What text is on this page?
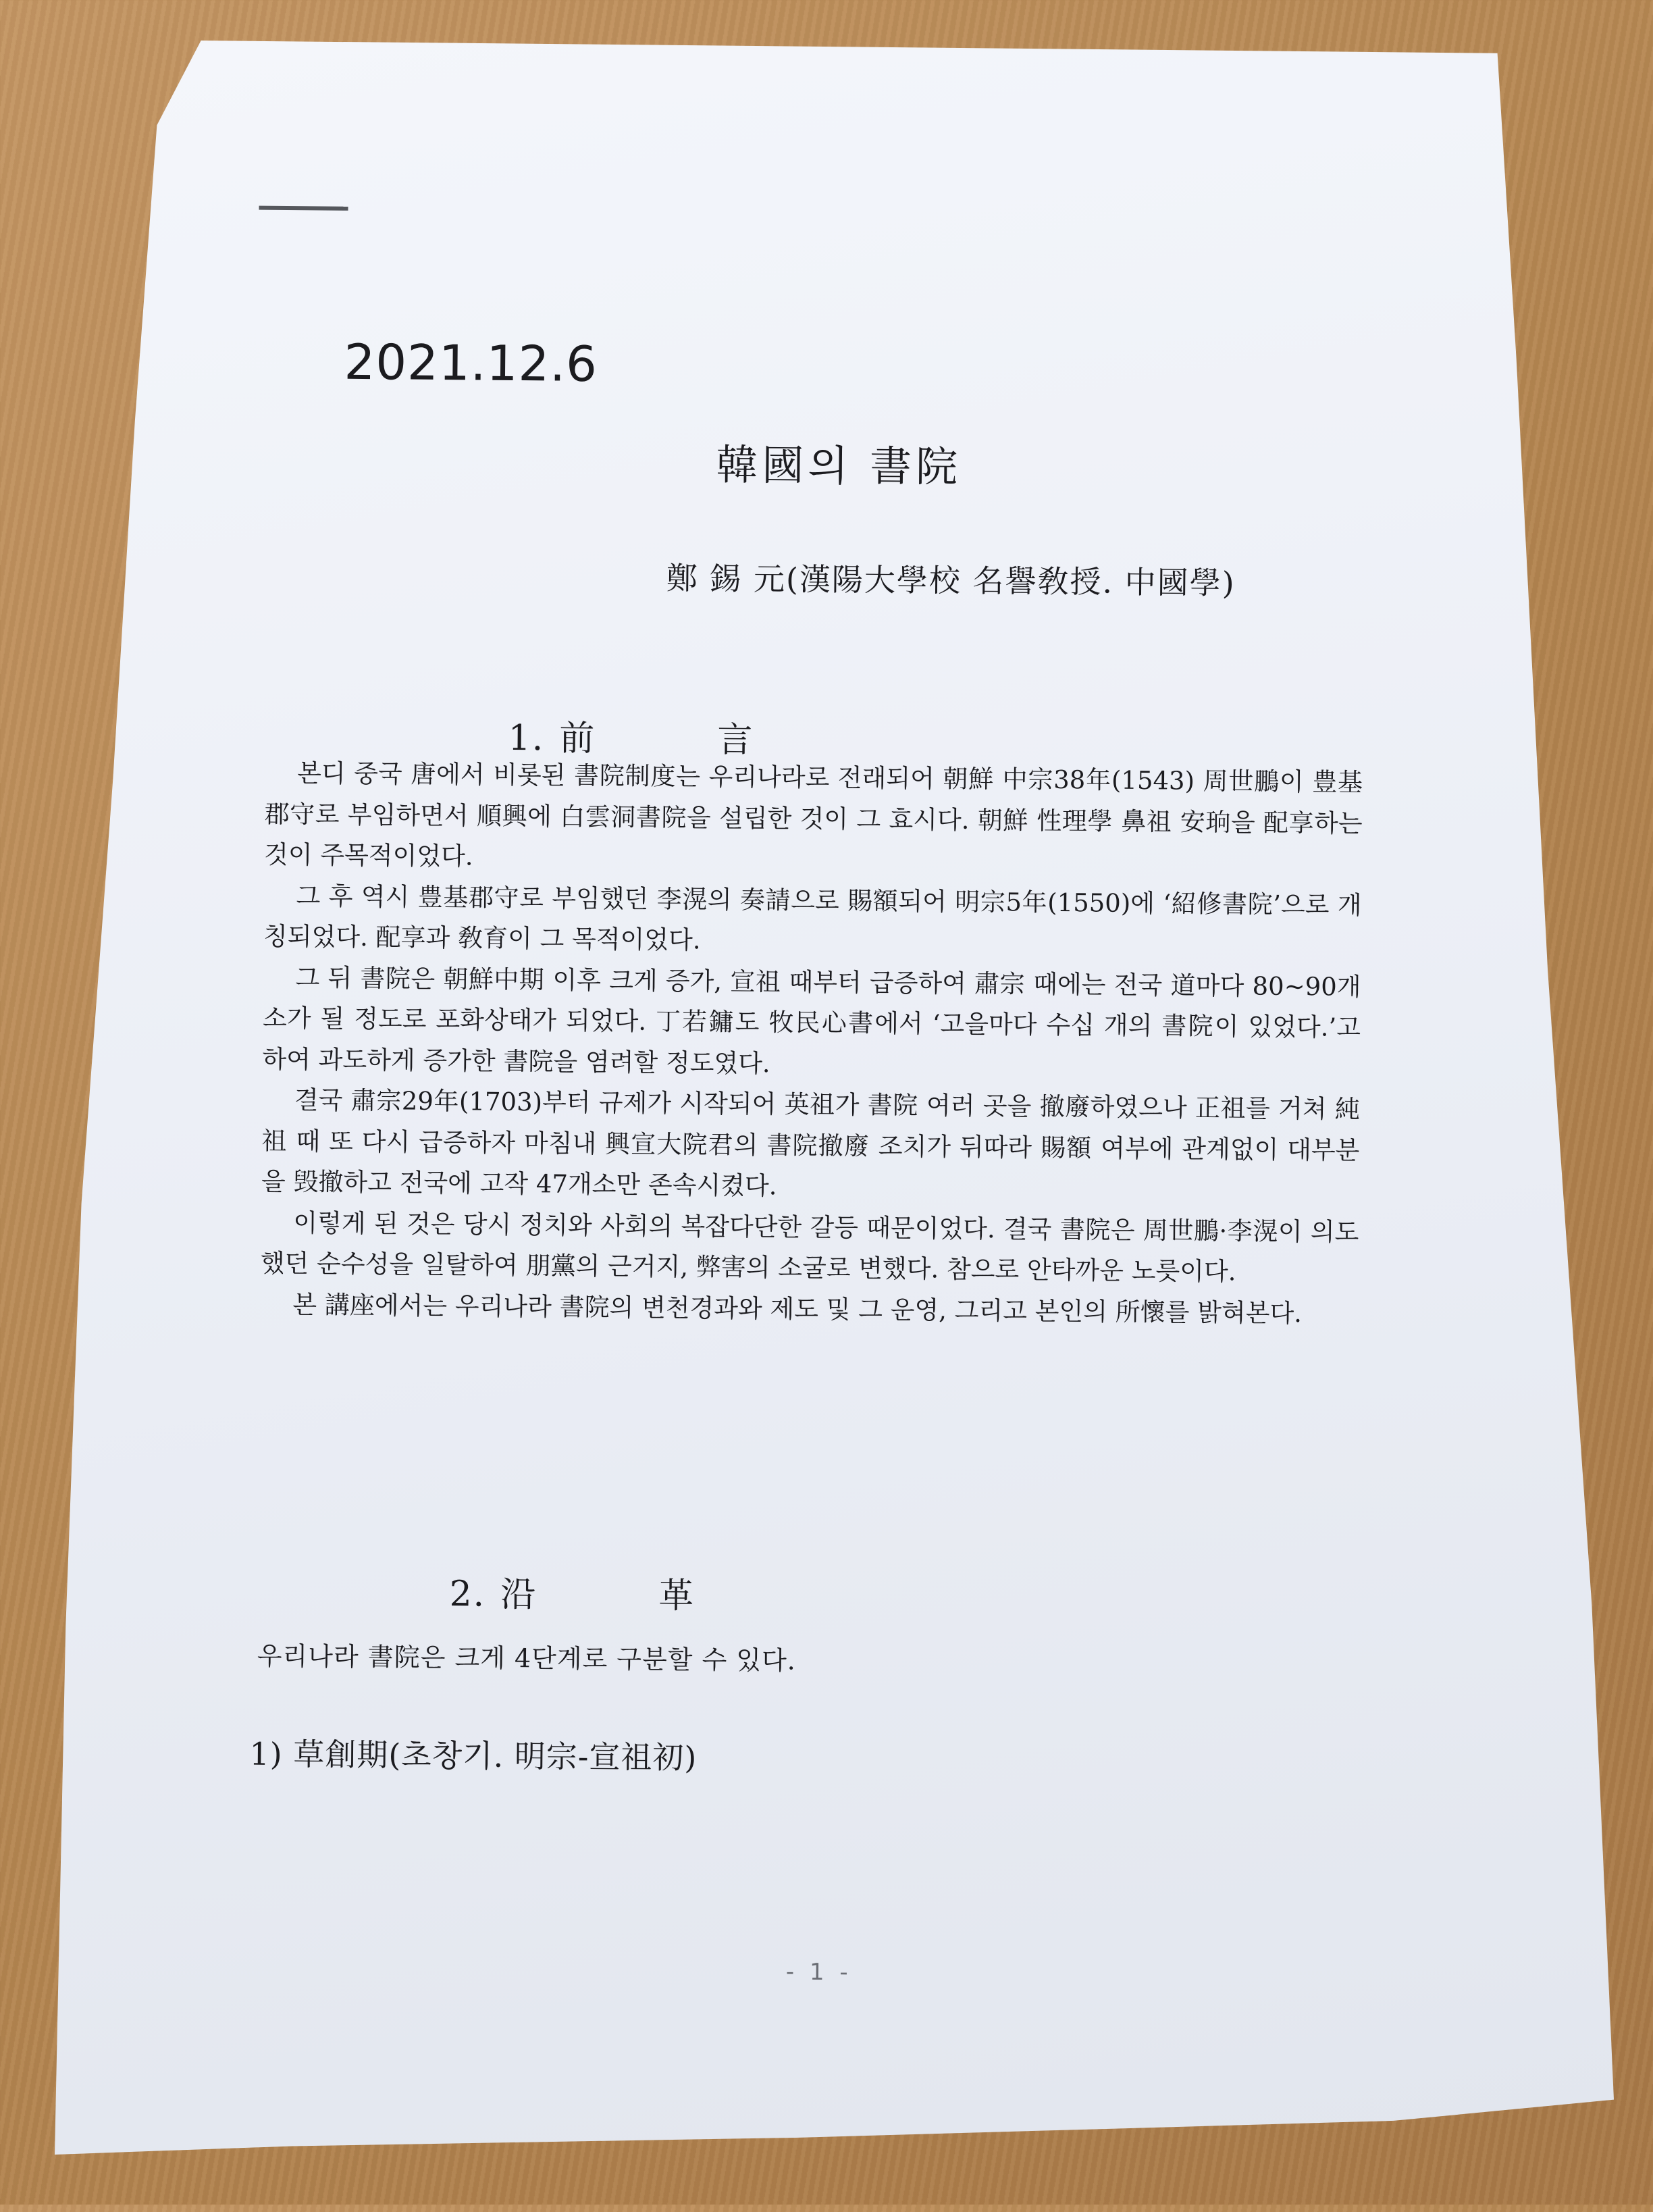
2021.12.6
韓國의 書院
鄭 錫 元(漢陽大學校 名譽敎授. 中國學)
1. 前	言

본디 중국 唐에서 비롯된 書院制度는 우리나라로 전래되어 朝鮮 中宗38年(1543) 周世鵬이 豊基郡守로 부임하면서 順興에 白雲洞書院을 설립한 것이 그 효시다. 朝鮮 性理學 鼻祖 安珦을 配享하는 것이 주목적이었다.

그 후 역시 豊基郡守로 부임했던 李滉의 奏請으로 賜額되어 明宗5年(1550)에 ‘紹修書院’으로 개칭되었다. 配享과 敎育이 그 목적이었다.

그 뒤 書院은 朝鮮中期 이후 크게 증가, 宣祖 때부터 급증하여 肅宗 때에는 전국 道마다 80~90개소가 될 정도로 포화상태가 되었다. 丁若鏞도 牧民心書에서 ‘고을마다 수십 개의 書院이 있었다.’고 하여 과도하게 증가한 書院을 염려할 정도였다.

결국 肅宗29年(1703)부터 규제가 시작되어 英祖가 書院 여러 곳을 撤廢하였으나 正祖를 거쳐 純祖 때 또 다시 급증하자 마침내 興宣大院君의 書院撤廢 조치가 뒤따라 賜額 여부에 관계없이 대부분을 毁撤하고 전국에 고작 47개소만 존속시켰다.

이렇게 된 것은 당시 정치와 사회의 복잡다단한 갈등 때문이었다. 결국 書院은 周世鵬·李滉이 의도했던 순수성을 일탈하여 朋黨의 근거지, 弊害의 소굴로 변했다. 참으로 안타까운 노릇이다.

본 講座에서는 우리나라 書院의 변천경과와 제도 및 그 운영, 그리고 본인의 所懷를 밝혀본다.

2. 沿	革
우리나라 書院은 크게 4단계로 구분할 수 있다.
1) 草創期(초창기. 明宗-宣祖初)
- 1 -
